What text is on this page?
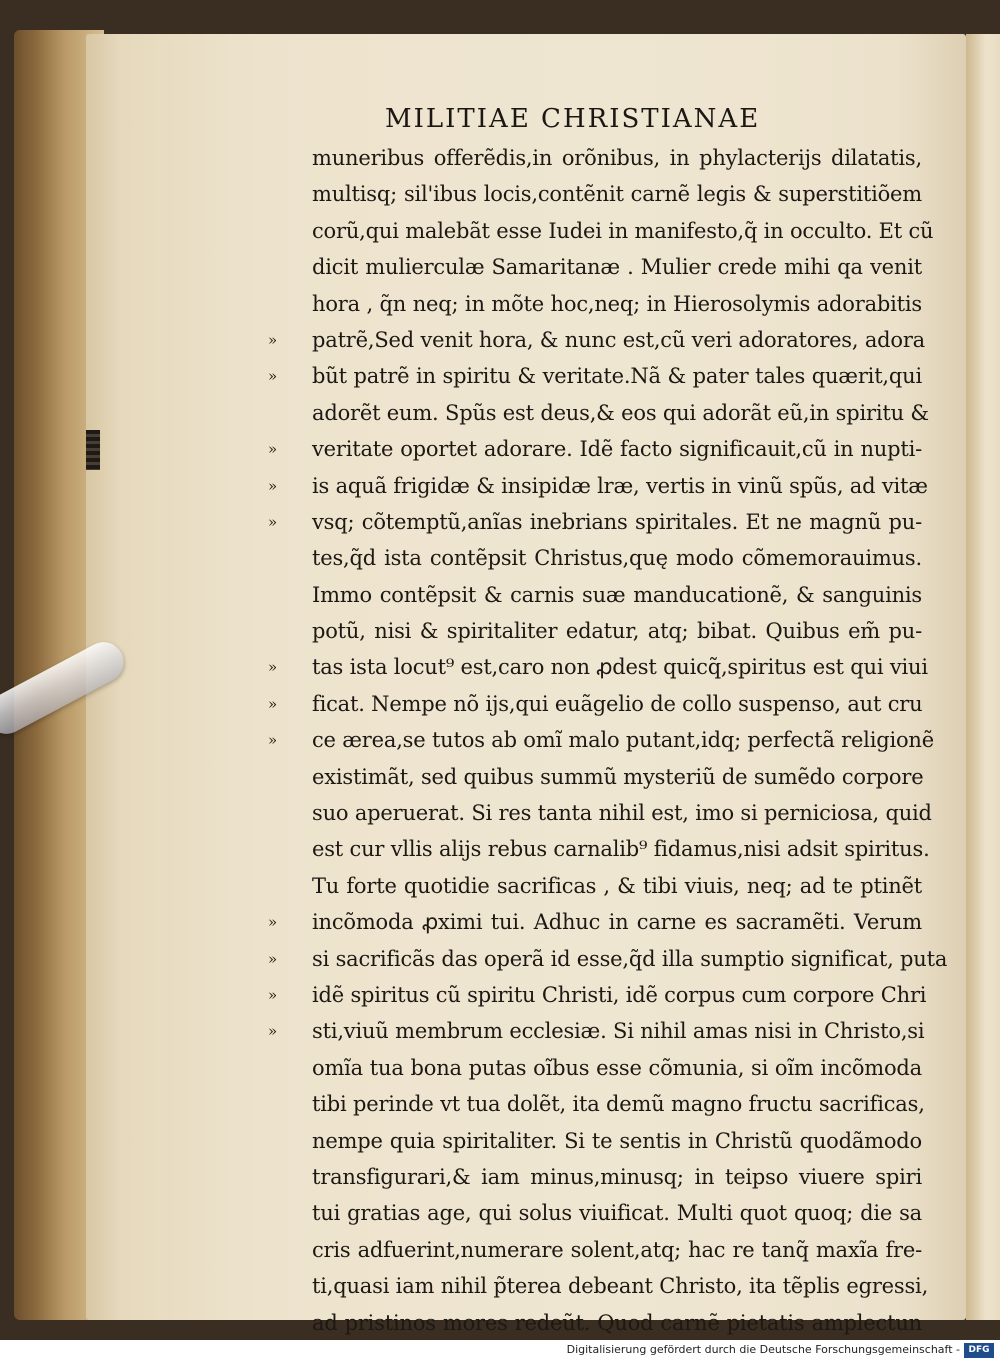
MILITIAE CHRISTIANAE
muneribus offerẽdis,in orõnibus, in phylacterijs dilatatis,
multisq; sil'ibus locis,contẽnit carnẽ legis & superstitiõem
corũ,qui malebãt esse Iudei in manifesto,q̃ in occulto. Et cũ
dicit mulierculæ Samaritanæ . Mulier crede mihi qa venit
hora , q̃n neq; in mõte hoc,neq; in Hierosolymis adorabitis
patrẽ,Sed venit hora, & nunc est,cũ veri adoratores, adora
»
bũt patrẽ in spiritu & veritate.Nã & pater tales quærit,qui
»
adorẽt eum. Spũs est deus,& eos qui adorãt eũ,in spiritu &
veritate oportet adorare. Idẽ facto significauit,cũ in nupti-
»
is aquã frigidæ & insipidæ lræ, vertis in vinũ spũs, ad vitæ
»
vsq; cõtemptũ,anĩas inebrians spiritales. Et ne magnũ pu-
»
tes,q̃d ista contẽpsit Christus,quę modo cõmemorauimus.
Immo contẽpsit & carnis suæ manducationẽ, & sanguinis
potũ, nisi & spiritaliter edatur, atq; bibat. Quibus em̃ pu-
tas ista locut⁹ est,caro non ꝓdest quicq̃,spiritus est qui viui
»
ficat. Nempe nõ ijs,qui euãgelio de collo suspenso, aut cru
»
ce ærea,se tutos ab omĩ malo putant,idq; perfectã religionẽ
»
existimãt, sed quibus summũ mysteriũ de sumẽdo corpore
suo aperuerat. Si res tanta nihil est, imo si perniciosa, quid
est cur vllis alijs rebus carnalib⁹ fidamus,nisi adsit spiritus.
Tu forte quotidie sacrificas , & tibi viuis, neq; ad te ptinẽt
incõmoda ꝓximi tui. Adhuc in carne es sacramẽti. Verum
»
si sacrificãs das operã id esse,q̃d illa sumptio significat, puta
»
idẽ spiritus cũ spiritu Christi, idẽ corpus cum corpore Chri
»
sti,viuũ membrum ecclesiæ. Si nihil amas nisi in Christo,si
»
omĩa tua bona putas oĩbus esse cõmunia, si oĩm incõmoda
tibi perinde vt tua dolẽt, ita demũ magno fructu sacrificas,
nempe quia spiritaliter. Si te sentis in Christũ quodãmodo
transfigurari,& iam minus,minusq; in teipso viuere spiri
tui gratias age, qui solus viuificat. Multi quot quoq; die sa
cris adfuerint,numerare solent,atq; hac re tanq̃ maxĩa fre-
ti,quasi iam nihil p̃terea debeant Christo, ita tẽplis egressi,
ad pristinos mores redeũt. Quod carnẽ pietatis amplectun
Digitalisierung gefördert durch die Deutsche Forschungsgemeinschaft - DFG
